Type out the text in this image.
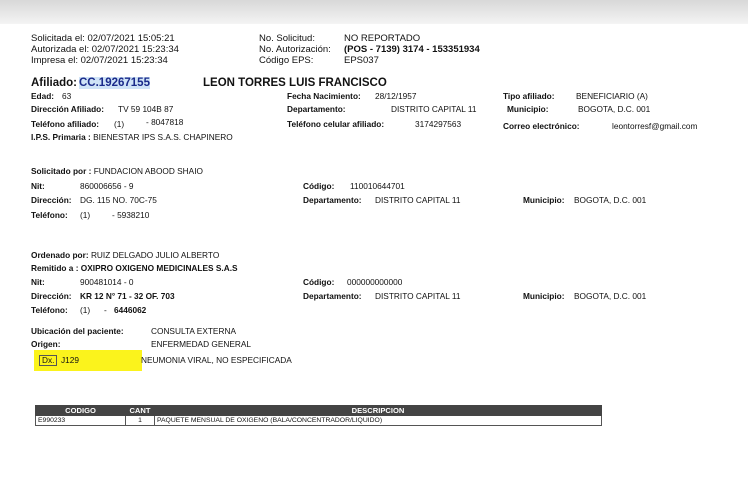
Solicitada el: 02/07/2021 15:05:21
Autorizada el: 02/07/2021 15:23:34
Impresa el: 02/07/2021 15:23:34
No. Solicitud:	NO REPORTADO
No. Autorización: (POS - 7139) 3174 - 153351934
Código EPS:	EPS037
Afiliado: CC.19267155	LEON TORRES LUIS FRANCISCO
Edad: 63	Fecha Nacimiento: 28/12/1957	Tipo afiliado:	BENEFICIARIO (A)
Dirección Afiliado: TV 59 104B 87	Departamento:	DISTRITO CAPITAL 11	Municipio:	BOGOTA, D.C. 001
Teléfono afiliado: (1)	- 8047818	Teléfono celular afiliado:	3174297563	Correo electrónico:	leontorresf@gmail.com
I.P.S. Primaria : BIENESTAR IPS S.A.S. CHAPINERO
Solicitado por : FUNDACION ABOOD SHAIO
Nit:	860006656 - 9	Código: 110010644701
Dirección: DG. 115 NO. 70C-75	Departamento: DISTRITO CAPITAL 11	Municipio: BOGOTA, D.C. 001
Teléfono: (1)	- 5938210
Ordenado por: RUIZ DELGADO JULIO ALBERTO
Remitido a : OXIPRO OXIGENO MEDICINALES S.A.S
Nit:	900481014 - 0	Código: 000000000000
Dirección: KR 12 N° 71 - 32 OF. 703	Departamento: DISTRITO CAPITAL 11	Municipio: BOGOTA, D.C. 001
Teléfono: (1) - 6446062
Ubicación del paciente:	CONSULTA EXTERNA
Origen:	ENFERMEDAD GENERAL
Dx. J129	NEUMONIA VIRAL, NO ESPECIFICADA
CODIGO	CANT	DESCRIPCION
E990233	1	PAQUETE MENSUAL DE OXIGENO (BALA/CONCENTRADOR/LIQUIDO)
